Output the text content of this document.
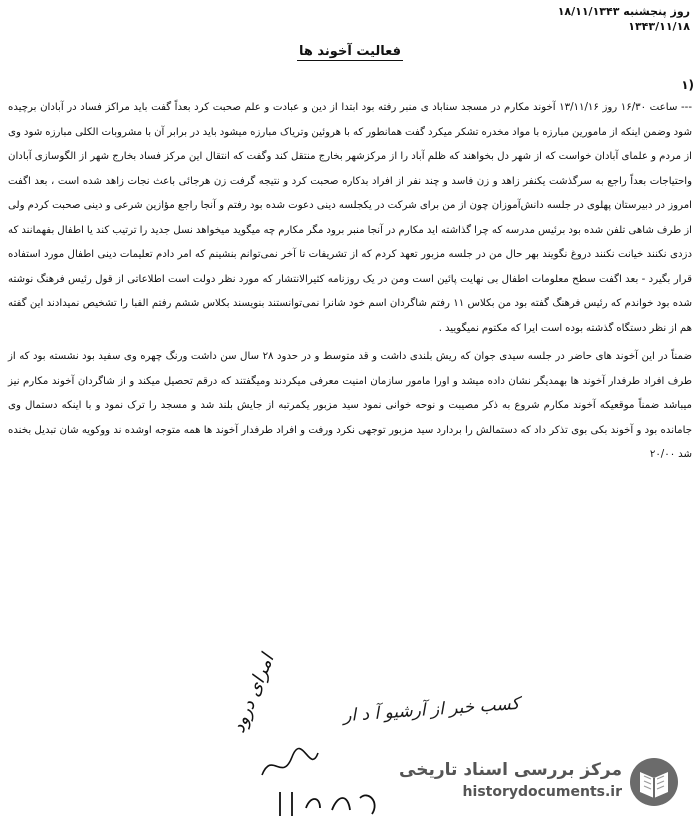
روز پنجشنبه ۱۸/۱۱/۱۳۴۳
۱۳۴۳/۱۱/۱۸
فعالیت آخوند ها
۱)

--- ساعت ۱۶/۳۰ روز ۱۳/۱۱/۱۶ آخوند مکارم در مسجد سناباد ی منبر رفته بود ابتدا از دین و عبادت و علم صحبت کرد بعداً گفت باید مراکز فساد در آبادان برچیده شود وضمن اینکه از مامورین مبارزه با مواد مخدره تشکر میکرد گفت همانطور که با هروئین وتریاک مبارزه میشود باید در برابر آن با مشروبات الکلی مبارزه شود وی از مردم و علمای آبادان خواست که از شهر دل بخواهند که ظلم آباد را از مرکزشهر بخارج منتقل کند وگفت که انتقال این مرکز فساد بخارج شهر از الگوسازی آبادان واحتیاجات بعداً راجع به سرگذشت یکنفر زاهد و زن فاسد و چند نفر از افراد بدکاره صحبت کرد و نتیجه گرفت زن هرجائی باعث نجات زاهد شده است ، بعد اگفت امروز در دبیرستان پهلوی در جلسه دانش‌آموزان چون از من برای شرکت در یکجلسه دینی دعوت شده بود رفتم و آنجا راجع مؤازین شرعی و دینی صحبت کردم ولی از طرف شاهی تلفن شده بود برئیس مدرسه که چرا گذاشته اید مکارم در آنجا منبر برود مگر مکارم چه میگوید میخواهد نسل جدید را ترتیب کند یا اطفال بفهمانند که دزدی نکنند خیانت نکنند دروغ نگویند بهر حال من در جلسه مزبور تعهد کردم که از تشریفات تا آخر نمی‌توانم بنشینم که امر دادم تعلیمات دینی اطفال مورد استفاده قرار بگیرد - بعد اگفت سطح معلومات اطفال بی نهایت پائین است ومن در یک روزنامه کثیرالانتشار که مورد نظر دولت است اطلاعاتی از قول رئیس فرهنگ نوشته شده بود خواندم که رئیس فرهنگ گفته بود من بکلاس ۱۱ رفتم شاگردان اسم خود شانرا نمی‌توانستند بنویسند بکلاس ششم رفتم الفبا را تشخیص نمیدادند این گفته هم از نظر دستگاه گذشته بوده است ایرا که مکتوم نمیگویید .

ضمناً در این آخوند های حاضر در جلسه سیدی جوان که ریش بلندی داشت و قد متوسط و در حدود ۲۸ سال سن داشت ورنگ چهره وی سفید بود نشسته بود که از طرف افراد طرفدار آخوند ها بهمدیگر نشان داده میشد و اورا مامور سازمان امنیت معرفی میکردند ومیگفتند که درقم تحصیل میکند و از شاگردان آخوند مکارم نیز میباشد ضمناً موقعیکه آخوند مکارم شروع به ذکر مصیبت و نوحه خوانی نمود سید مزبور یکمرتبه از جایش بلند شد و مسجد را ترک نمود و با اینکه دستمال وی جامانده بود و آخوند بکی بوی تذکر داد که دستمالش را بردارد سید مزبور توجهی نکرد ورفت و افراد طرفدار آخوند ها همه متوجه اوشده ند ووکویه شان تبدیل بخنده شد ۲۰/۰۰

کسب خبر از آرشیو آ د ار
امرای درود
مرکز بررسی اسناد تاریخی
historydocuments.ir
